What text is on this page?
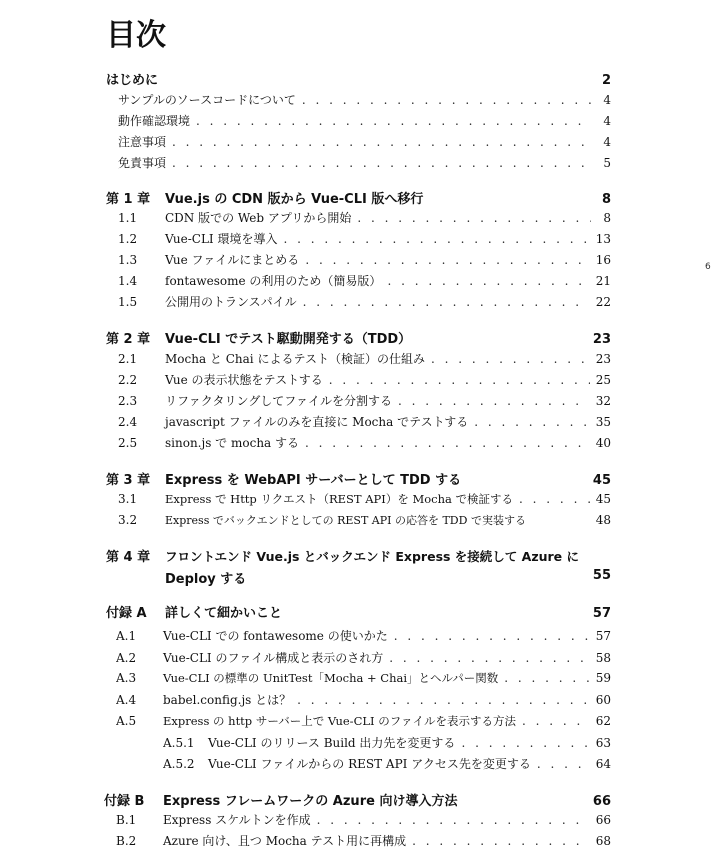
目次
6
はじめに	2
サンプルのソースコードについて . . .	4
動作確認環境 . . .	4
注意事項 . . .	4
免責事項 . . .	5
第 1 章	Vue.js の CDN 版から Vue-CLI 版へ移行	8
1.1	CDN 版での Web アプリから開始 . . .	8
1.2	Vue-CLI 環境を導入 . . .	13
1.3	Vue ファイルにまとめる . . .	16
1.4	fontawesome の利用のため（簡易版） . . .	21
1.5	公開用のトランスパイル . . .	22
第 2 章	Vue-CLI でテスト駆動開発する（TDD）	23
2.1	Mocha と Chai によるテスト（検証）の仕組み . . .	23
2.2	Vue の表示状態をテストする . . .	25
2.3	リファクタリングしてファイルを分割する . . .	32
2.4	javascript ファイルのみを直接に Mocha でテストする . . .	35
2.5	sinon.js で mocha する . . .	40
第 3 章	Express を WebAPI サーバーとして TDD する	45
3.1	Express で Http リクエスト（REST API）を Mocha で検証する . . .	45
3.2	Express でバックエンドとしての REST API の応答を TDD で実装する	48
第 4 章	フロントエンド Vue.js とバックエンド Express を接続して Azure に
Deploy する	55
付録 A	詳しくて細かいこと	57
A.1	Vue-CLI での fontawesome の使いかた . . .	57
A.2	Vue-CLI のファイル構成と表示のされ方 . . .	58
A.3	Vue-CLI の標準の UnitTest「Mocha + Chai」とヘルパー関数 . . .	59
A.4	babel.config.js とは？ . . .	60
A.5	Express の http サーバー上で Vue-CLI のファイルを表示する方法 . . .	62
A.5.1	Vue-CLI のリリース Build 出力先を変更する . . .	63
A.5.2	Vue-CLI ファイルからの REST API アクセス先を変更する . . .	64
付録 B	Express フレームワークの Azure 向け導入方法	66
B.1	Express スケルトンを作成 . . .	66
B.2	Azure 向け、且つ Mocha テスト用に再構成 . . .	68
